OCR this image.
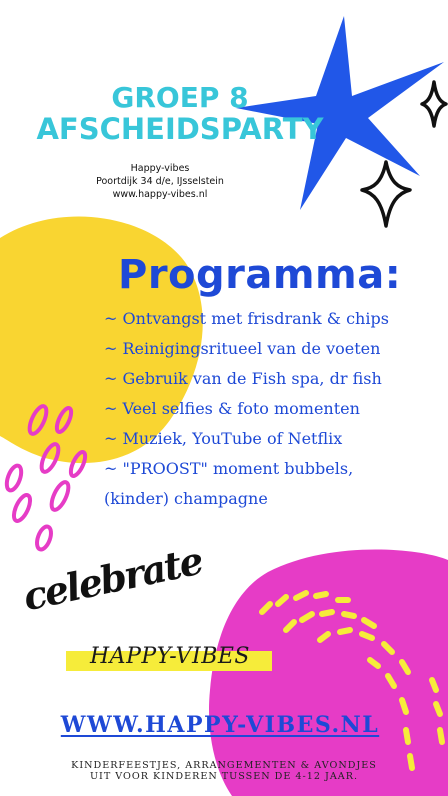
GROEP 8
AFSCHEIDSPARTY
Happy-vibes
Poortdijk 34 d/e, IJsselstein
www.happy-vibes.nl
Programma:
~ Ontvangst met frisdrank & chips
~ Reinigingsritueel van de voeten
~ Gebruik van de Fish spa, dr fish
~ Veel selfies & foto momenten
~ Muziek, YouTube of Netflix
~ "PROOST" moment bubbels,
(kinder) champagne
celebrate
HAPPY-VIBES
WWW.HAPPY-VIBES.NL
KINDERFEESTJES, ARRANGEMENTEN & AVONDJES
UIT VOOR KINDEREN TUSSEN DE 4-12 JAAR.
